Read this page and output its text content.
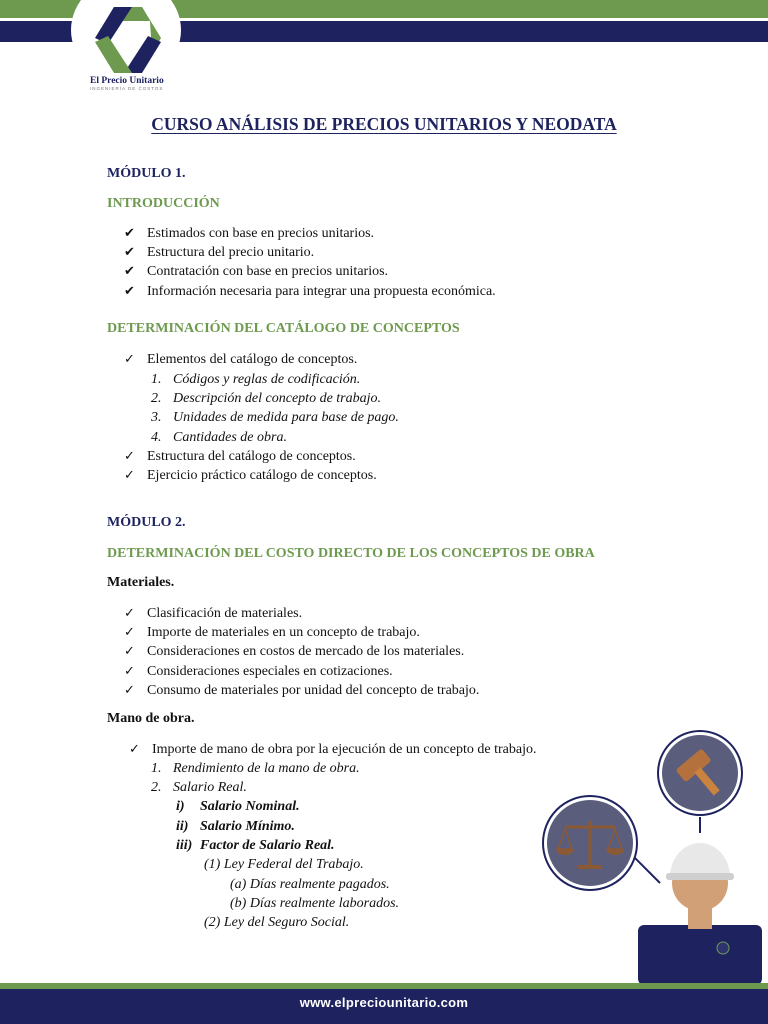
El Precio Unitario
INGENIERÍA DE COSTOS
CURSO ANÁLISIS DE PRECIOS UNITARIOS Y NEODATA
MÓDULO 1.
INTRODUCCIÓN
✔ Estimados con base en precios unitarios.
✔ Estructura del precio unitario.
✔ Contratación con base en precios unitarios.
✔ Información necesaria para integrar una propuesta económica.
DETERMINACIÓN DEL CATÁLOGO DE CONCEPTOS
✓ Elementos del catálogo de conceptos.
1. Códigos y reglas de codificación.
2. Descripción del concepto de trabajo.
3. Unidades de medida para base de pago.
4. Cantidades de obra.
✓ Estructura del catálogo de conceptos.
✓ Ejercicio práctico catálogo de conceptos.
MÓDULO 2.
DETERMINACIÓN DEL COSTO DIRECTO DE LOS CONCEPTOS DE OBRA
Materiales.
✓ Clasificación de materiales.
✓ Importe de materiales en un concepto de trabajo.
✓ Consideraciones en costos de mercado de los materiales.
✓ Consideraciones especiales en cotizaciones.
✓ Consumo de materiales por unidad del concepto de trabajo.
Mano de obra.
✓ Importe de mano de obra por la ejecución de un concepto de trabajo.
1. Rendimiento de la mano de obra.
2. Salario Real.
i) Salario Nominal.
ii) Salario Mínimo.
iii) Factor de Salario Real.
(1) Ley Federal del Trabajo.
(a) Días realmente pagados.
(b) Días realmente laborados.
(2) Ley del Seguro Social.
www.elpreciounitario.com
